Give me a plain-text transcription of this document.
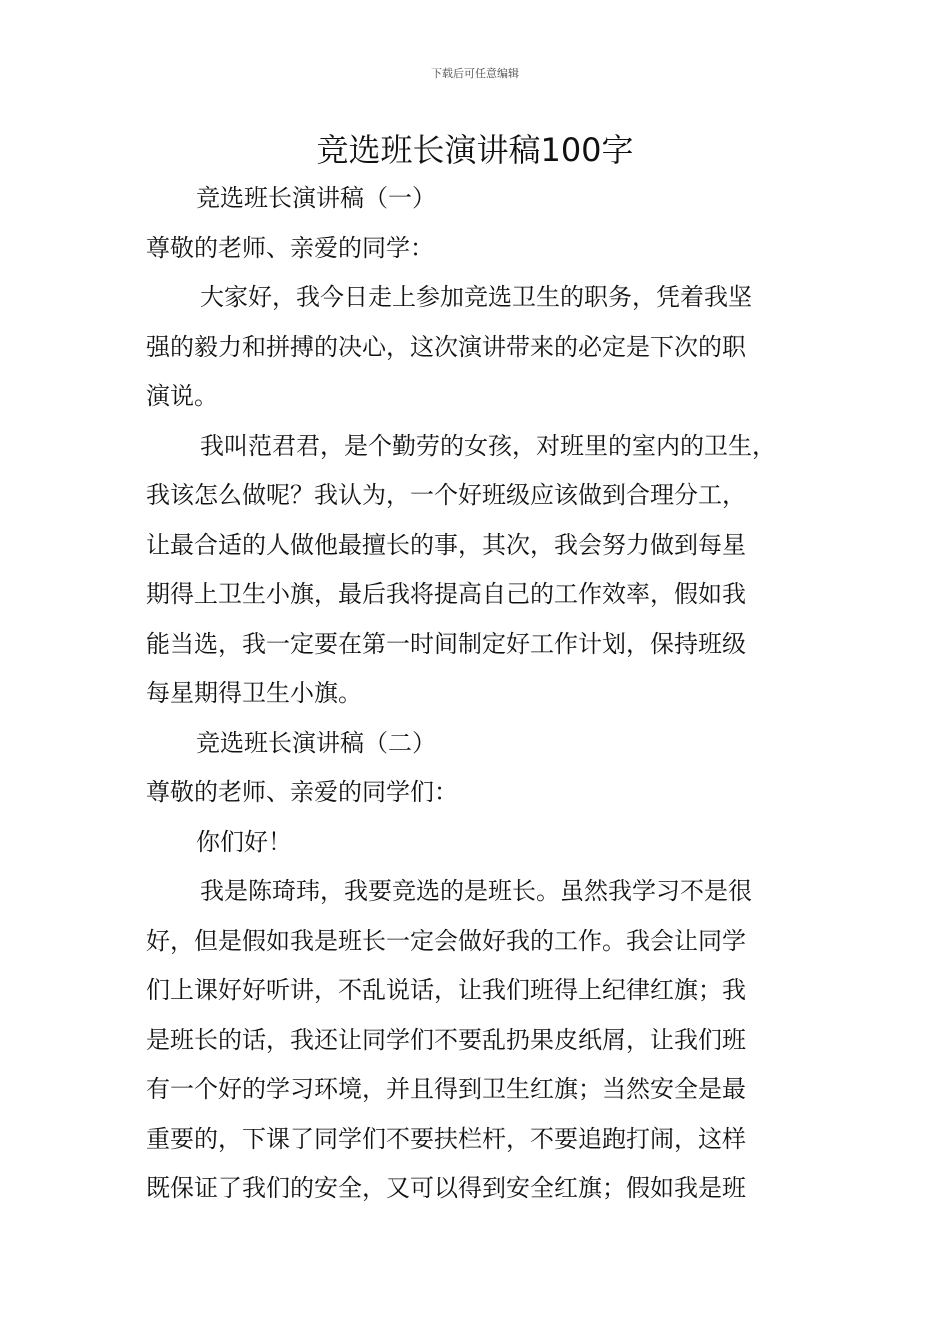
下载后可任意编辑
竞选班长演讲稿100字
竞选班长演讲稿（一）
尊敬的老师、亲爱的同学：
大家好，我今日走上参加竞选卫生的职务，凭着我坚
强的毅力和拼搏的决心，这次演讲带来的必定是下次的职
演说。
我叫范君君，是个勤劳的女孩，对班里的室内的卫生，
我该怎么做呢？我认为，一个好班级应该做到合理分工，
让最合适的人做他最擅长的事，其次，我会努力做到每星
期得上卫生小旗，最后我将提高自己的工作效率，假如我
能当选，我一定要在第一时间制定好工作计划，保持班级
每星期得卫生小旗。
竞选班长演讲稿（二）
尊敬的老师、亲爱的同学们：
你们好！
我是陈琦玮，我要竞选的是班长。虽然我学习不是很
好，但是假如我是班长一定会做好我的工作。我会让同学
们上课好好听讲，不乱说话，让我们班得上纪律红旗；我
是班长的话，我还让同学们不要乱扔果皮纸屑，让我们班
有一个好的学习环境，并且得到卫生红旗；当然安全是最
重要的，下课了同学们不要扶栏杆，不要追跑打闹，这样
既保证了我们的安全，又可以得到安全红旗；假如我是班
